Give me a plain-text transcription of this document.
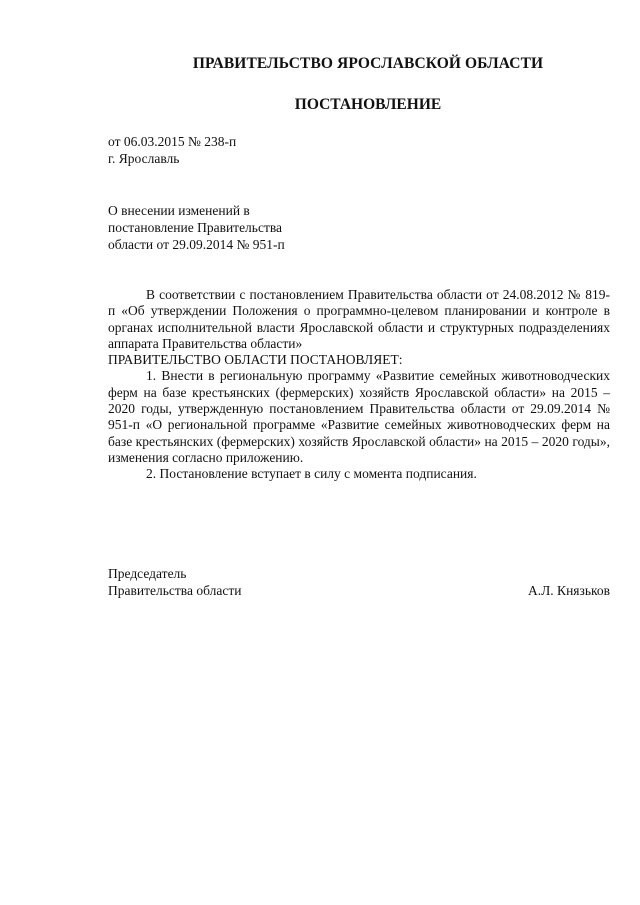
ПРАВИТЕЛЬСТВО ЯРОСЛАВСКОЙ ОБЛАСТИ
ПОСТАНОВЛЕНИЕ
от 06.03.2015 № 238-п
г. Ярославль
О внесении изменений в
постановление Правительства
области от 29.09.2014 № 951-п

В соответствии с постановлением Правительства области от 24.08.2012 № 819-п «Об утверждении Положения о программно-целевом планировании и контроле в органах исполнительной власти Ярославской области и структурных подразделениях аппарата Правительства области»

ПРАВИТЕЛЬСТВО ОБЛАСТИ ПОСТАНОВЛЯЕТ:

1. Внести в региональную программу «Развитие семейных животноводческих ферм на базе крестьянских (фермерских) хозяйств Ярославской области» на 2015 – 2020 годы, утвержденную постановлением Правительства области от 29.09.2014 № 951-п «О региональной программе «Развитие семейных животноводческих ферм на базе крестьянских (фермерских) хозяйств Ярославской области» на 2015 – 2020 годы», изменения согласно приложению.

2. Постановление вступает в силу с момента подписания.

Председатель
Правительства области	А.Л. Князьков
